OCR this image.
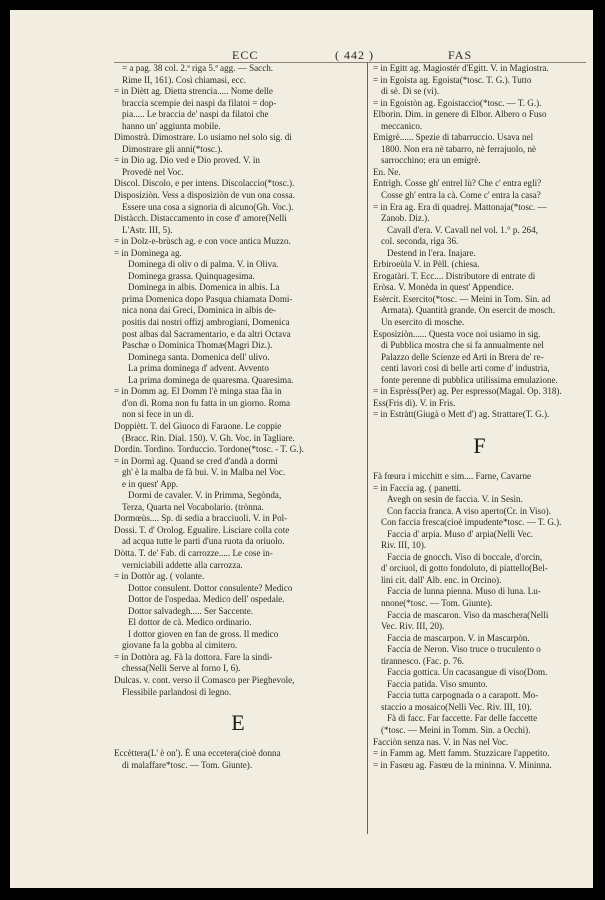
ECC	( 442 )	FAS
= a pag. 38 col. 2.ª riga 5.ª agg. — Sacch.
Rime II, 161). Così chiamasi, ecc.
= in Diètt ag. Dietta strencia..... Nome delle
braccia scempie dei naspi da filatoi = dop-
pia..... Le braccia de' naspi da filatoi che
hanno un' aggiunta mobile.
Dimostrà. Dimostrare. Lo usiamo nel solo sig. di
Dimostrare gli anni(*tosc.).
= in Dio ag. Dio ved e Dio proved. V. in
Provedè nel Voc.
Discol. Discolo, e per intens. Discolaccio(*tosc.).
Disposiziòn. Vess a disposiziòn de vun ona cossa.
Essere una cosa a signoria di alcuno(Gh. Voc.).
Distàcch. Distaccamento in cose d' amore(Nelli
L'Astr. III, 5).
= in Dolz-e-brùsch ag. e con voce antica Muzzo.
= in Domìnega ag.
Domìnega di oliv o di palma. V. in Oliva.
Domìnega grassa. Quinquagesima.
Domìnega in albis. Domenica in albis. La
prima Domenica dopo Pasqua chiamata Domi-
nica nona dai Greci, Dominica in albis de-
positis dai nostri offizj ambrogiani, Domenica
post albas dal Sacramentario, e da altri Octava
Paschæ o Dominica Thomæ(Magri Diz.).
Domìnega santa. Domenica dell' ulivo.
La prima domìnega d' advent. Avvento
La prima domìnega de quaresma. Quaresima.
= in Domm ag. El Domm l'è minga staa fàa in
d'on dì. Roma non fu fatta in un giorno. Roma
non si fece in un dì.
Doppiètt. T. del Giuoco di Faraone. Le coppie
(Bracc. Rin. Dial. 150). V. Gh. Voc. in Tagliare.
Dordin. Tordino. Torduccio. Tordone(*tosc. - T. G.).
= in Dormì ag. Quand se cred d'andà a dormì
gh' è la malba de fà bui. V. in Malba nel Voc.
e in quest' App.
Dormì de cavaler. V. in Primma, Segònda,
Terza, Quarta nel Vocabolario. (trònna.
Dormœùs.... Sp. di sedia a bracciuoli. V. in Pol-
Dossi. T. d' Orolog. Egualire. Lisciare colla cote
ad acqua tutte le parti d'una ruota da oriuolo.
Dòtta. T. de' Fab. di carrozze..... Le cose in-
verniciabili addette alla carrozza.
= in Dottòr ag. ( volante.
Dottor consulent. Dottor consulente? Medico
Dottor de l'ospedaa. Medico dell' ospedale.
Dottor salvadegh..... Ser Saccente.
El dottor de cà. Medico ordinario.
I dottor gioven en fan de gross. Il medico
giovane fa la gobba al cimitero.
= in Dottòra ag. Fà la dottora. Fare la sindi-
chessa(Nelli Serve al forno I, 6).
Dulcas. v. cont. verso il Comasco per Pieghevole,
Flessibile parlandosi di legno.
E
Eccèttera(L' è on'). È una eccetera(cioè donna
di malaffare*tosc. — Tom. Giunte).
= in Egitt ag. Magiostér d'Egitt. V. in Magiostra.
= in Egoìsta ag. Egoista(*tosc. T. G.). Tutto
di sè. Di se (vi).
= in Egoistòn ag. Egoistaccio(*tosc. — T. G.).
Elborìn. Dim. in genere di Elbor. Albero o Fuso
meccanico.
Emigrè...... Spezie di tabarruccio. Usava nel
1800. Non era nè tabarro, nè ferrajuolo, nè
sarrocchino; era un emigrè.
En. Ne.
Entrìgh. Cosse gh' entrel lù? Che c' entra egli?
Cosse gh' entra la cà. Come c' entra la casa?
= in Era ag. Era di quadrej. Mattonaja(*tosc. —
Zanob. Diz.).
Cavall d'era. V. Cavall nel vol. 1.° p. 264,
col. seconda, riga 36.
Destend in l'era. Inajare.
Erbiroeùla V. in Pèll. (chiesa.
Erogatàri. T. Ecc.... Distributore di entrate di
Eròsa. V. Monèda in quest' Appendice.
Esèrcit. Esercito(*tosc. — Meini in Tom. Sin. ad
Armata). Quantità grande. On esercit de mosch.
Un esercito di mosche.
Esposiziòn...... Questa voce noi usiamo in sig.
di Pubblica mostra che si fa annualmente nel
Palazzo delle Scienze ed Arti in Brera de' re-
centi lavori così di belle arti come d' industria,
fonte perenne di pubblica utilissima emulazione.
= in Esprèss(Per) ag. Per espresso(Magal. Op. 318).
Ess(Fris di). V. in Fris.
= in Estràtt(Giugà o Mett d') ag. Strattare(T. G.).
F
Fà fœura i micchitt e sim.... Farne, Cavarne
= in Faccia ag. ( panetti.
Avegh on sesin de faccia. V. in Sesìn.
Con faccia franca. A viso aperto(Cr. in Viso).
Con faccia fresca(cioè impudente*tosc. — T. G.).
Faccia d' arpia. Muso d' arpia(Nelli Vec.
Riv. III, 10).
Faccia de gnocch. Viso di boccale, d'orcin,
d' orciuol, di gotto fondoluto, di piattello(Bel-
lini cit. dall' Alb. enc. in Orcino).
Faccia de lunna pienna. Muso di luna. Lu-
nnone(*tosc. — Tom. Giunte).
Faccia de mascaron. Viso da maschera(Nelli
Vec. Riv. III, 20).
Faccia de mascarpon. V. in Mascarpòn.
Faccia de Neron. Viso truce o truculento o
tirannesco. (Fac. p. 76.
Faccia gottica. Un cacasangue di viso(Dom.
Faccia patida. Viso smunto.
Faccia tutta carpognada o a carapott. Mo-
staccio a mosaico(Nelli Vec. Riv. III, 10).
Fà di facc. Far faccette. Far delle faccette
(*tosc. — Meini in Tomm. Sin. a Occhi).
Facciòn senza nas. V. in Nas nel Voc.
= in Famm ag. Mett famm. Stuzzicare l'appetito.
= in Fasœu ag. Fasœu de la mininna. V. Mininna.
